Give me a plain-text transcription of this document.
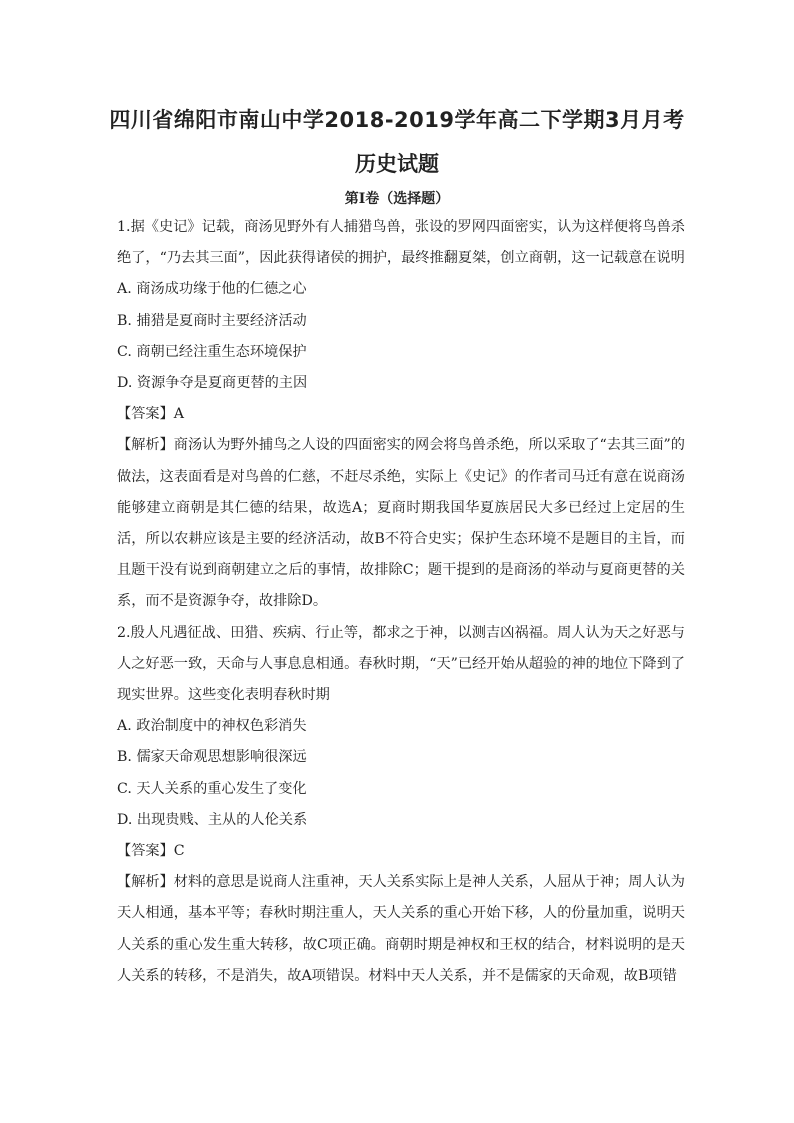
四川省绵阳市南山中学2018-2019学年高二下学期3月月考
历史试题
第I卷（选择题）

1.据《史记》记载，商汤见野外有人捕猎鸟兽，张设的罗网四面密实，认为这样便将鸟兽杀绝了，“乃去其三面”，因此获得诸侯的拥护，最终推翻夏桀，创立商朝，这一记载意在说明

A. 商汤成功缘于他的仁德之心

B. 捕猎是夏商时主要经济活动

C. 商朝已经注重生态环境保护

D. 资源争夺是夏商更替的主因

【答案】A

【解析】商汤认为野外捕鸟之人设的四面密实的网会将鸟兽杀绝，所以采取了“去其三面”的做法，这表面看是对鸟兽的仁慈，不赶尽杀绝，实际上《史记》的作者司马迁有意在说商汤能够建立商朝是其仁德的结果，故选A；夏商时期我国华夏族居民大多已经过上定居的生活，所以农耕应该是主要的经济活动，故B不符合史实；保护生态环境不是题目的主旨，而且题干没有说到商朝建立之后的事情，故排除C；题干提到的是商汤的举动与夏商更替的关系，而不是资源争夺，故排除D。

2.殷人凡遇征战、田猎、疾病、行止等，都求之于神，以测吉凶祸福。周人认为天之好恶与人之好恶一致，天命与人事息息相通。春秋时期，“天”已经开始从超验的神的地位下降到了现实世界。这些变化表明春秋时期

A. 政治制度中的神权色彩消失

B. 儒家天命观思想影响很深远

C. 天人关系的重心发生了变化

D. 出现贵贱、主从的人伦关系

【答案】C

【解析】材料的意思是说商人注重神，天人关系实际上是神人关系，人屈从于神；周人认为天人相通，基本平等；春秋时期注重人，天人关系的重心开始下移，人的份量加重，说明天人关系的重心发生重大转移，故C项正确。商朝时期是神权和王权的结合，材料说明的是天人关系的转移，不是消失，故A项错误。材料中天人关系，并不是儒家的天命观，故B项错
